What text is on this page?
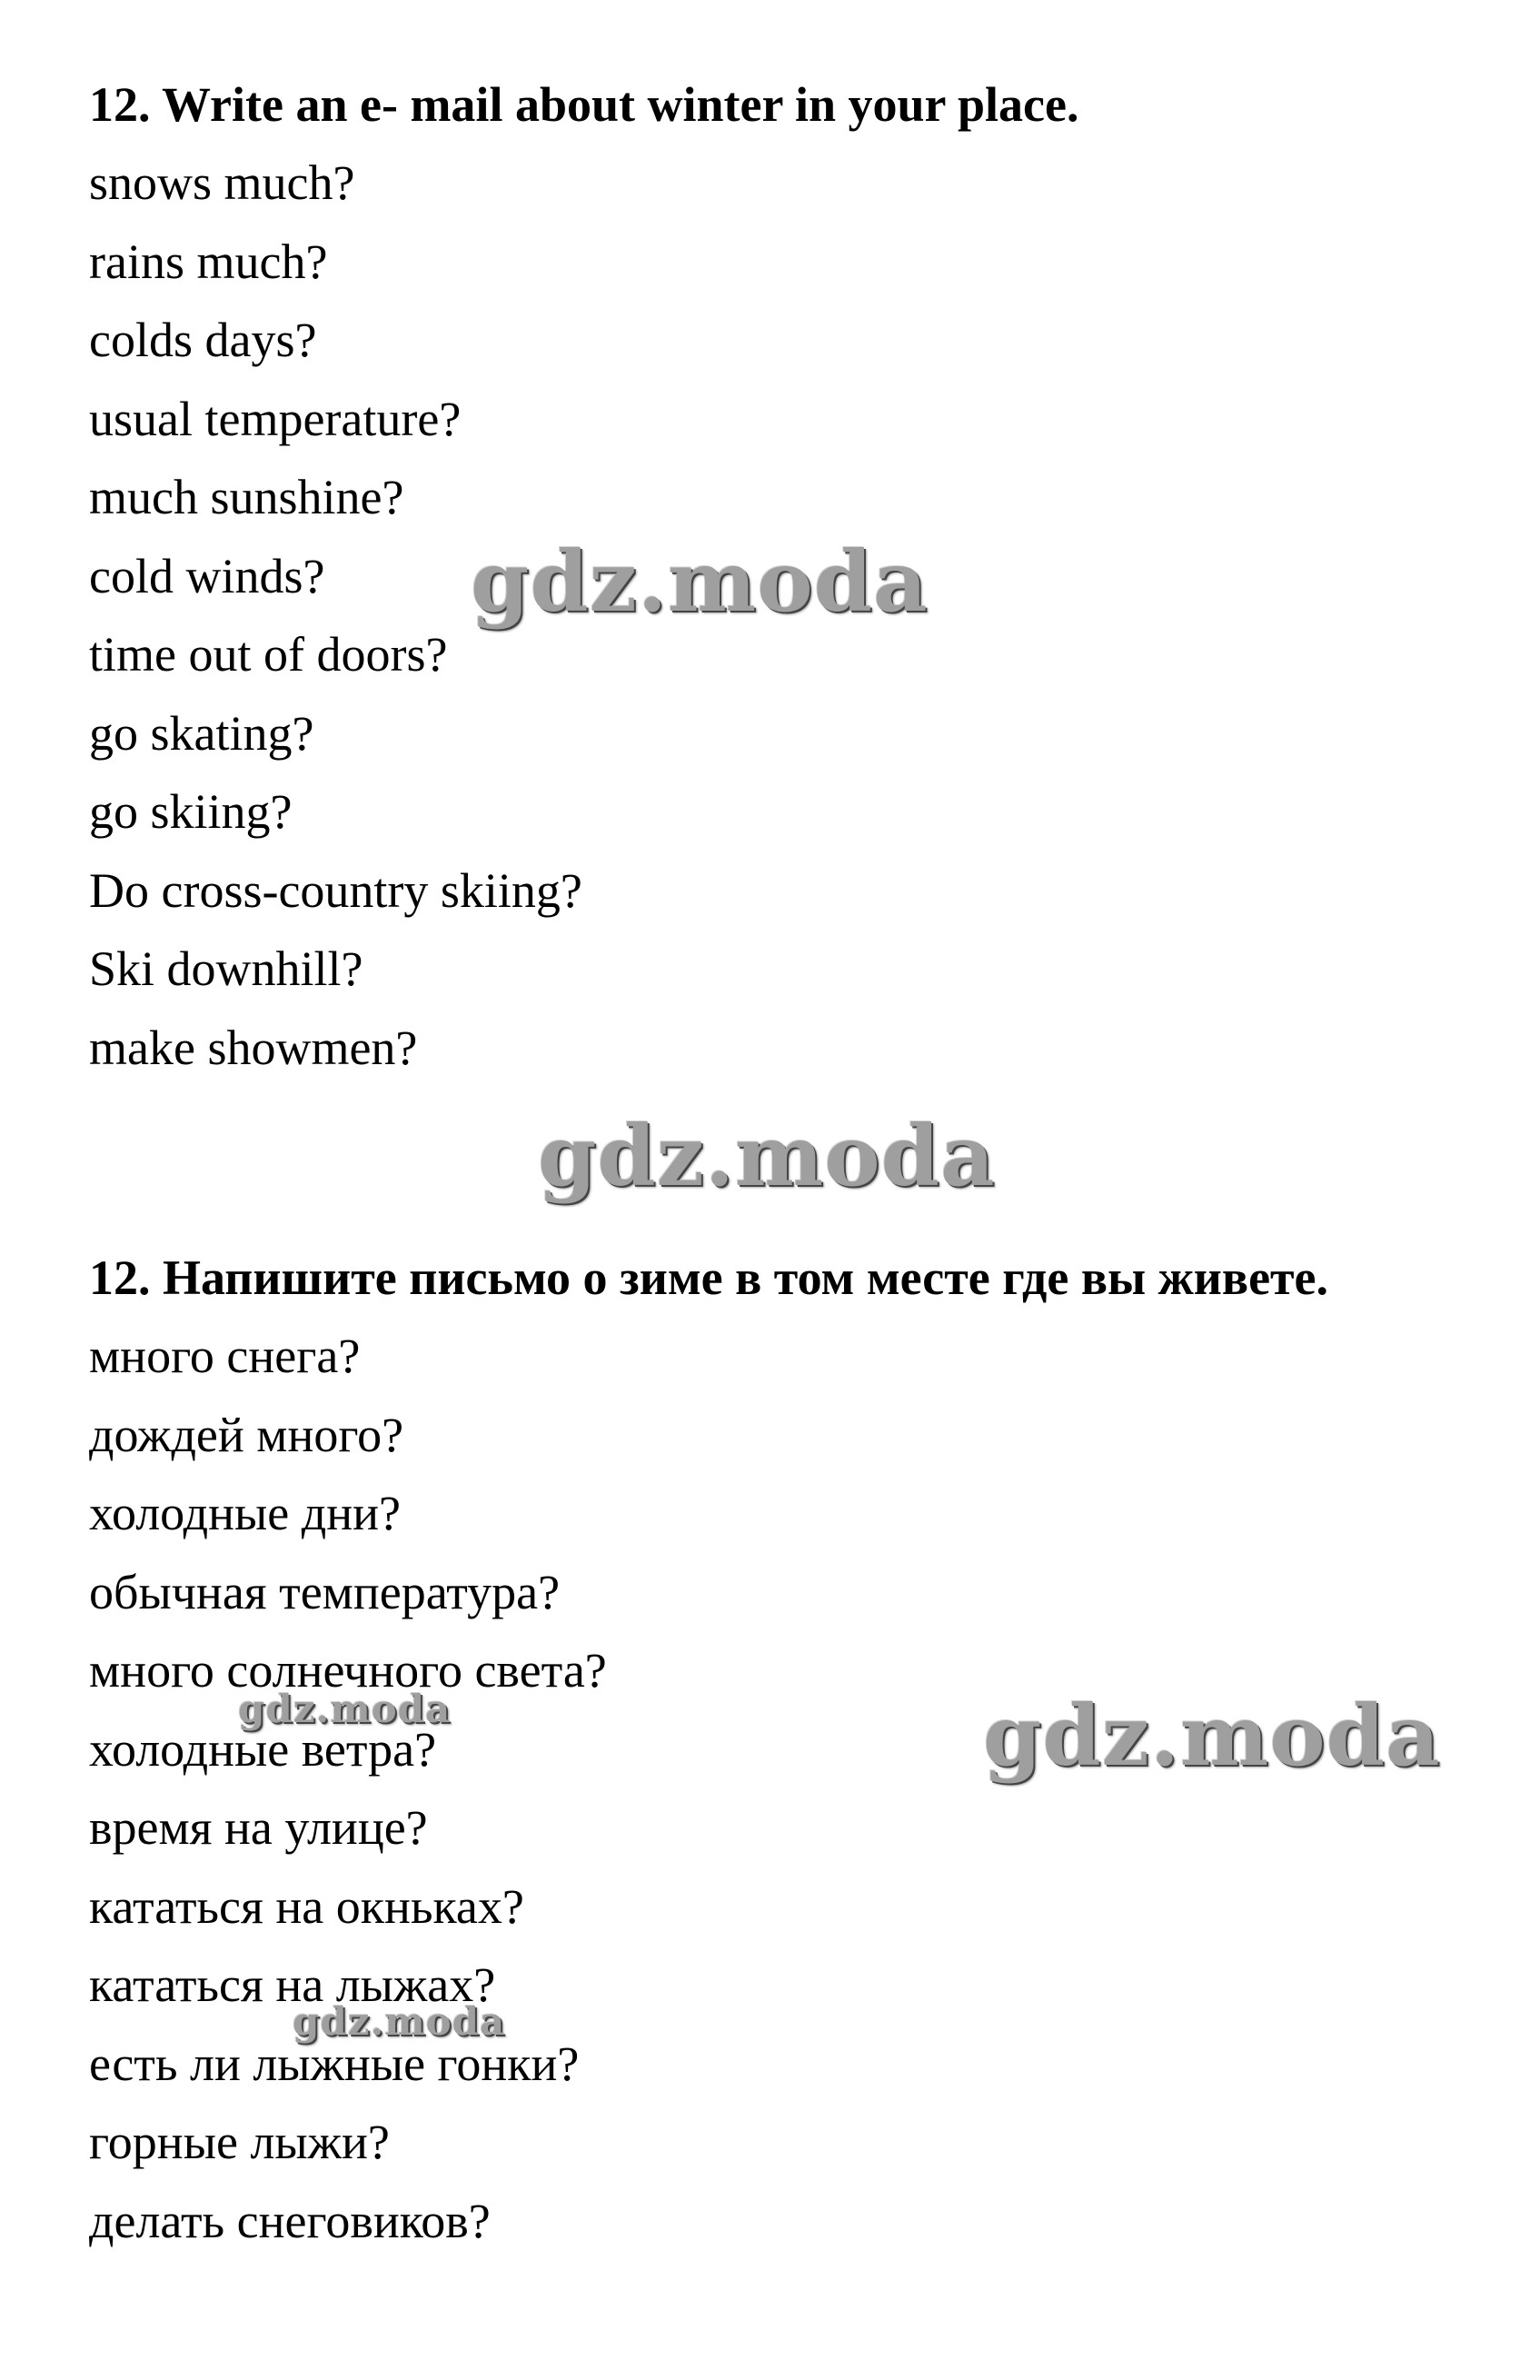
12. Write an e- mail about winter in your place.
snows much?
rains much?
colds days?
usual temperature?
much sunshine?
cold winds?
time out of doors?
go skating?
go skiing?
Do cross-country skiing?
Ski downhill?
make showmen?
12. Напишите письмо о зиме в том месте где вы живете.
много снега?
дождей много?
холодные дни?
обычная температура?
много солнечного света?
холодные ветра?
время на улице?
кататься на окньках?
кататься на лыжах?
есть ли лыжные гонки?
горные лыжи?
делать снеговиков?
gdz.moda
gdz.moda
gdz.moda
gdz.moda
gdz.moda
